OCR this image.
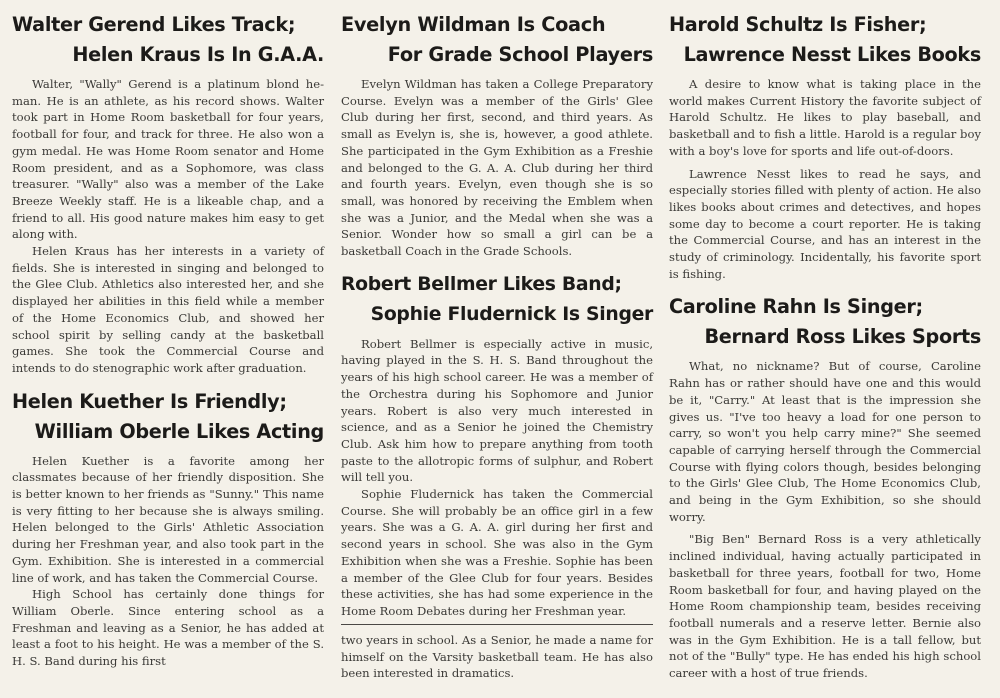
Walter Gerend Likes Track;
Helen Kraus Is In G.A.A.

Walter, "Wally" Gerend is a platinum blond he-man. He is an athlete, as his record shows. Walter took part in Home Room basketball for four years, football for four, and track for three. He also won a gym medal. He was Home Room senator and Home Room president, and as a Sophomore, was class treasurer. "Wally" also was a member of the Lake Breeze Weekly staff. He is a likeable chap, and a friend to all. His good nature makes him easy to get along with.

Helen Kraus has her interests in a variety of fields. She is interested in singing and belonged to the Glee Club. Athletics also interested her, and she displayed her abilities in this field while a member of the Home Economics Club, and showed her school spirit by selling candy at the basketball games. She took the Commercial Course and intends to do stenographic work after graduation.

Helen Kuether Is Friendly;
William Oberle Likes Acting

Helen Kuether is a favorite among her classmates because of her friendly disposition. She is better known to her friends as "Sunny." This name is very fitting to her because she is always smiling. Helen belonged to the Girls' Athletic Association during her Freshman year, and also took part in the Gym. Exhibition. She is interested in a commercial line of work, and has taken the Commercial Course.

High School has certainly done things for William Oberle. Since entering school as a Freshman and leaving as a Senior, he has added at least a foot to his height. He was a member of the S. H. S. Band during his first

Evelyn Wildman Is Coach
For Grade School Players

Evelyn Wildman has taken a College Preparatory Course. Evelyn was a member of the Girls' Glee Club during her first, second, and third years. As small as Evelyn is, she is, however, a good athlete. She participated in the Gym Exhibition as a Freshie and belonged to the G. A. A. Club during her third and fourth years. Evelyn, even though she is so small, was honored by receiving the Emblem when she was a Junior, and the Medal when she was a Senior. Wonder how so small a girl can be a basketball Coach in the Grade Schools.

Robert Bellmer Likes Band;
Sophie Fludernick Is Singer

Robert Bellmer is especially active in music, having played in the S. H. S. Band throughout the years of his high school career. He was a member of the Orchestra during his Sophomore and Junior years. Robert is also very much interested in science, and as a Senior he joined the Chemistry Club. Ask him how to prepare anything from tooth paste to the allotropic forms of sulphur, and Robert will tell you.

Sophie Fludernick has taken the Commercial Course. She will probably be an office girl in a few years. She was a G. A. A. girl during her first and second years in school. She was also in the Gym Exhibition when she was a Freshie. Sophie has been a member of the Glee Club for four years. Besides these activities, she has had some experience in the Home Room Debates during her Freshman year.

two years in school. As a Senior, he made a name for himself on the Varsity basketball team. He has also been interested in dramatics.

Harold Schultz Is Fisher;
Lawrence Nesst Likes Books

A desire to know what is taking place in the world makes Current History the favorite subject of Harold Schultz. He likes to play baseball, and basketball and to fish a little. Harold is a regular boy with a boy's love for sports and life out-of-doors.

Lawrence Nesst likes to read he says, and especially stories filled with plenty of action. He also likes books about crimes and detectives, and hopes some day to become a court reporter. He is taking the Commercial Course, and has an interest in the study of criminology. Incidentally, his favorite sport is fishing.

Caroline Rahn Is Singer;
Bernard Ross Likes Sports

What, no nickname? But of course, Caroline Rahn has or rather should have one and this would be it, "Carry." At least that is the impression she gives us. "I've too heavy a load for one person to carry, so won't you help carry mine?" She seemed capable of carrying herself through the Commercial Course with flying colors though, besides belonging to the Girls' Glee Club, The Home Economics Club, and being in the Gym Exhibition, so she should worry.

"Big Ben" Bernard Ross is a very athletically inclined individual, having actually participated in basketball for three years, football for two, Home Room basketball for four, and having played on the Home Room championship team, besides receiving football numerals and a reserve letter. Bernie also was in the Gym Exhibition. He is a tall fellow, but not of the "Bully" type. He has ended his high school career with a host of true friends.
